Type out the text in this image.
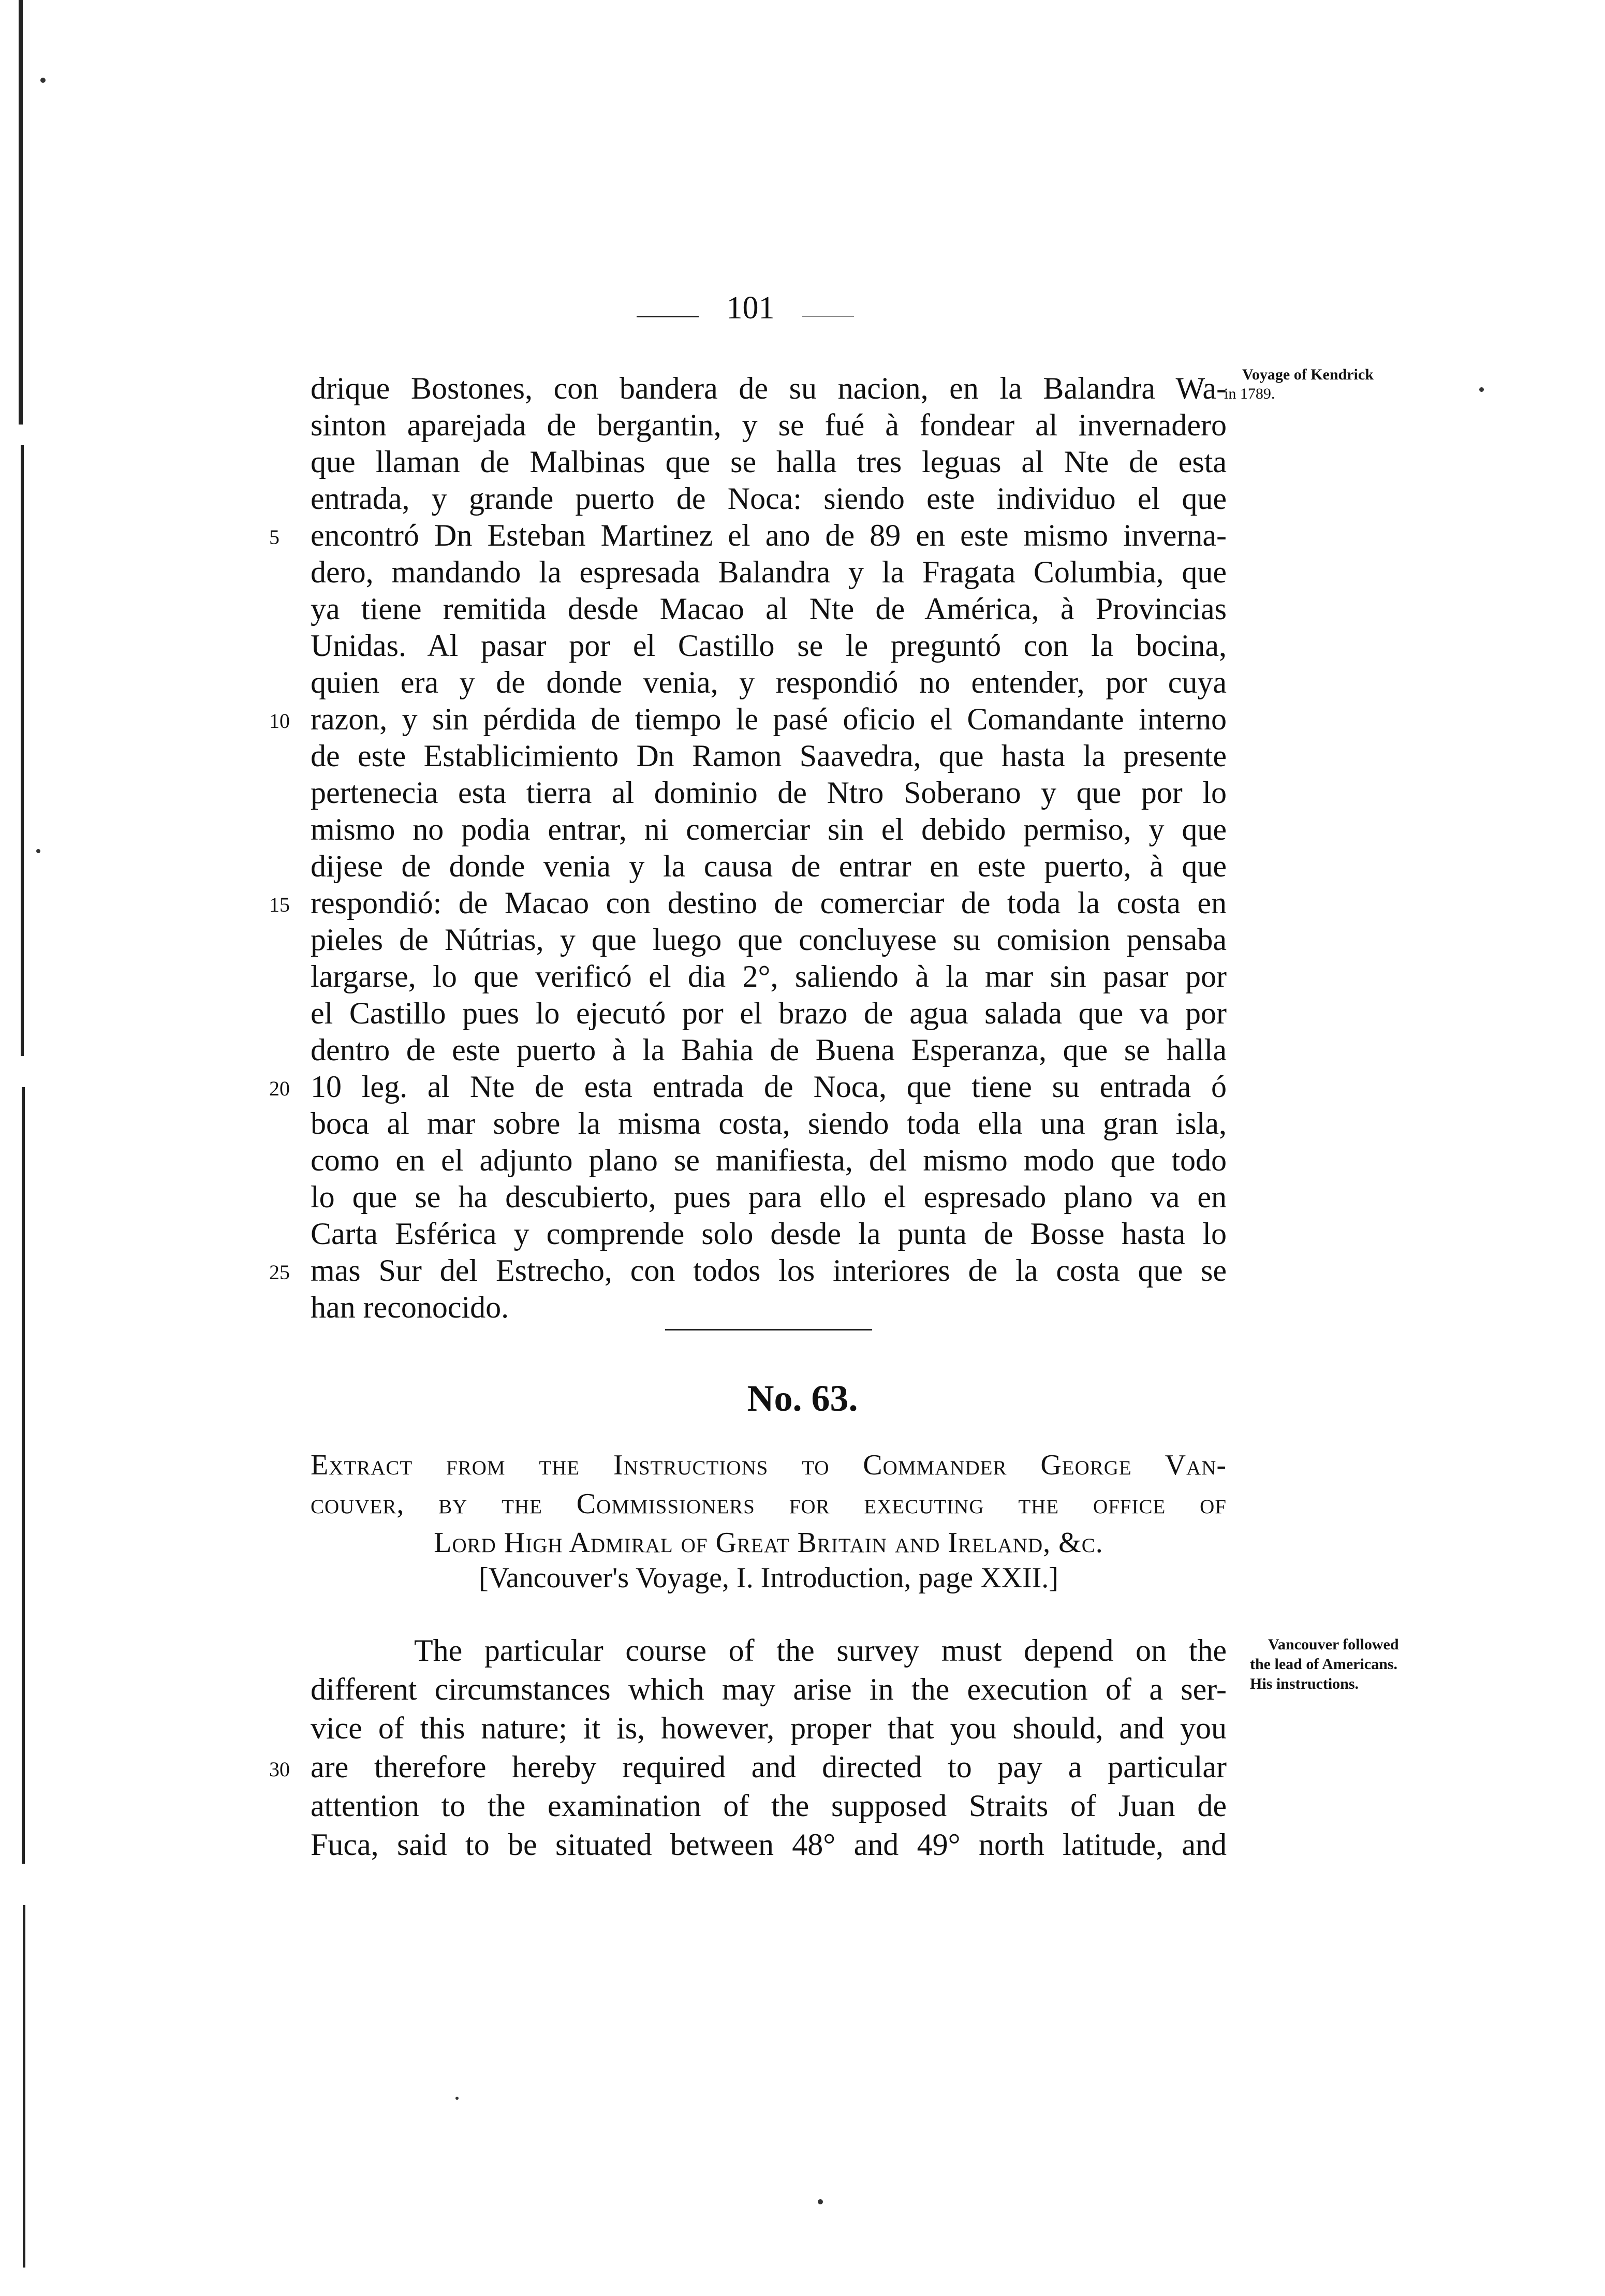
101
drique Bostones, con bandera de su nacion, en la Balandra Wa-
sinton aparejada de bergantin, y se fué à fondear al invernadero
que llaman de Malbinas que se halla tres leguas al Nte de esta
entrada, y grande puerto de Noca: siendo este individuo el que
encontró Dn Esteban Martinez el ano de 89 en este mismo inverna-
dero, mandando la espresada Balandra y la Fragata Columbia, que
ya tiene remitida desde Macao al Nte de América, à Provincias
Unidas. Al pasar por el Castillo se le preguntó con la bocina,
quien era y de donde venia, y respondió no entender, por cuya
razon, y sin pérdida de tiempo le pasé oficio el Comandante interno
de este Establicimiento Dn Ramon Saavedra, que hasta la presente
pertenecia esta tierra al dominio de Ntro Soberano y que por lo
mismo no podia entrar, ni comerciar sin el debido permiso, y que
dijese de donde venia y la causa de entrar en este puerto, à que
respondió: de Macao con destino de comerciar de toda la costa en
pieles de Nútrias, y que luego que concluyese su comision pensaba
largarse, lo que verificó el dia 2°, saliendo à la mar sin pasar por
el Castillo pues lo ejecutó por el brazo de agua salada que va por
dentro de este puerto à la Bahia de Buena Esperanza, que se halla
10 leg. al Nte de esta entrada de Noca, que tiene su entrada ó
boca al mar sobre la misma costa, siendo toda ella una gran isla,
como en el adjunto plano se manifiesta, del mismo modo que todo
lo que se ha descubierto, pues para ello el espresado plano va en
Carta Esférica y comprende solo desde la punta de Bosse hasta lo
mas Sur del Estrecho, con todos los interiores de la costa que se
han reconocido.
5
10
15
20
25
Voyage of Kendrick
in 1789.
No. 63.
Extract from the Instructions to Commander George Van-
couver, by the Commissioners for executing the office of
Lord High Admiral of Great Britain and Ireland, &c.
[Vancouver's Voyage, I. Introduction, page XXII.]
The particular course of the survey must depend on the
different circumstances which may arise in the execution of a ser-
vice of this nature; it is, however, proper that you should, and you
are therefore hereby required and directed to pay a particular
attention to the examination of the supposed Straits of Juan de
Fuca, said to be situated between 48° and 49° north latitude, and
30
Vancouver followed
the lead of Americans.
His instructions.
